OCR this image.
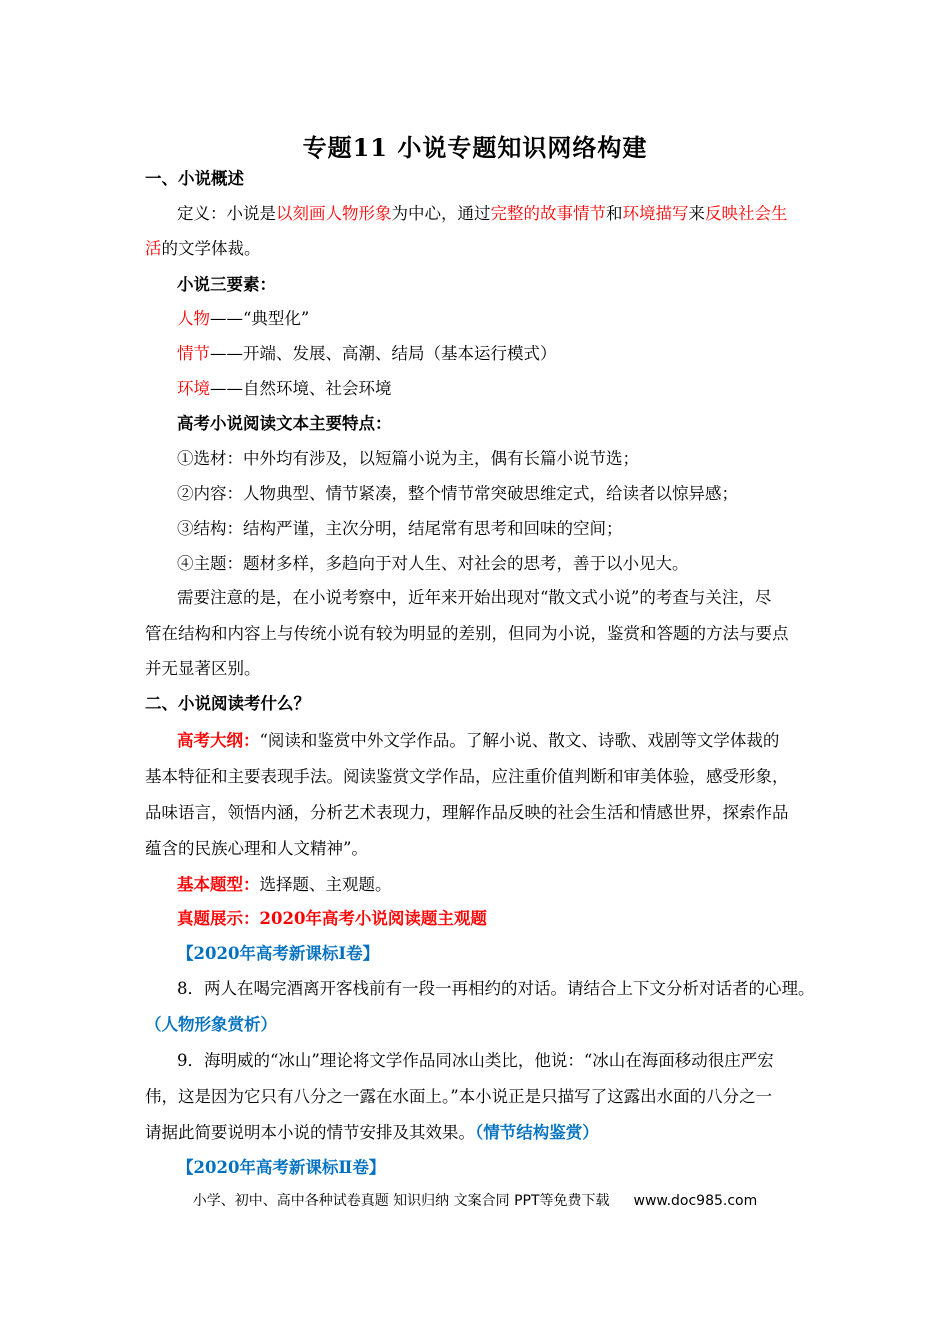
专题11 小说专题知识网络构建
一、小说概述
定义：小说是以刻画人物形象为中心，通过完整的故事情节和环境描写来反映社会生
活的文学体裁。
小说三要素：
人物——“典型化”
情节——开端、发展、高潮、结局（基本运行模式）
环境——自然环境、社会环境
高考小说阅读文本主要特点：
①选材：中外均有涉及，以短篇小说为主，偶有长篇小说节选；
②内容：人物典型、情节紧凑，整个情节常突破思维定式，给读者以惊异感；
③结构：结构严谨，主次分明，结尾常有思考和回味的空间；
④主题：题材多样，多趋向于对人生、对社会的思考，善于以小见大。
需要注意的是，在小说考察中，近年来开始出现对“散文式小说”的考查与关注，尽
管在结构和内容上与传统小说有较为明显的差别，但同为小说，鉴赏和答题的方法与要点
并无显著区别。
二、小说阅读考什么？
高考大纲：“阅读和鉴赏中外文学作品。了解小说、散文、诗歌、戏剧等文学体裁的
基本特征和主要表现手法。阅读鉴赏文学作品，应注重价值判断和审美体验，感受形象，
品味语言，领悟内涵，分析艺术表现力，理解作品反映的社会生活和情感世界，探索作品
蕴含的民族心理和人文精神”。
基本题型：选择题、主观题。
真题展示：2020年高考小说阅读题主观题
【2020年高考新课标Ⅰ卷】
8．两人在喝完酒离开客栈前有一段一再相约的对话。请结合上下文分析对话者的心理。
（人物形象赏析）
9．海明威的“冰山”理论将文学作品同冰山类比，他说：“冰山在海面移动很庄严宏
伟，这是因为它只有八分之一露在水面上。”本小说正是只描写了这露出水面的八分之一
请据此简要说明本小说的情节安排及其效果。（情节结构鉴赏）
【2020年高考新课标Ⅱ卷】
小学、初中、高中各种试卷真题 知识归纳 文案合同 PPT等免费下载 www.doc985.com
